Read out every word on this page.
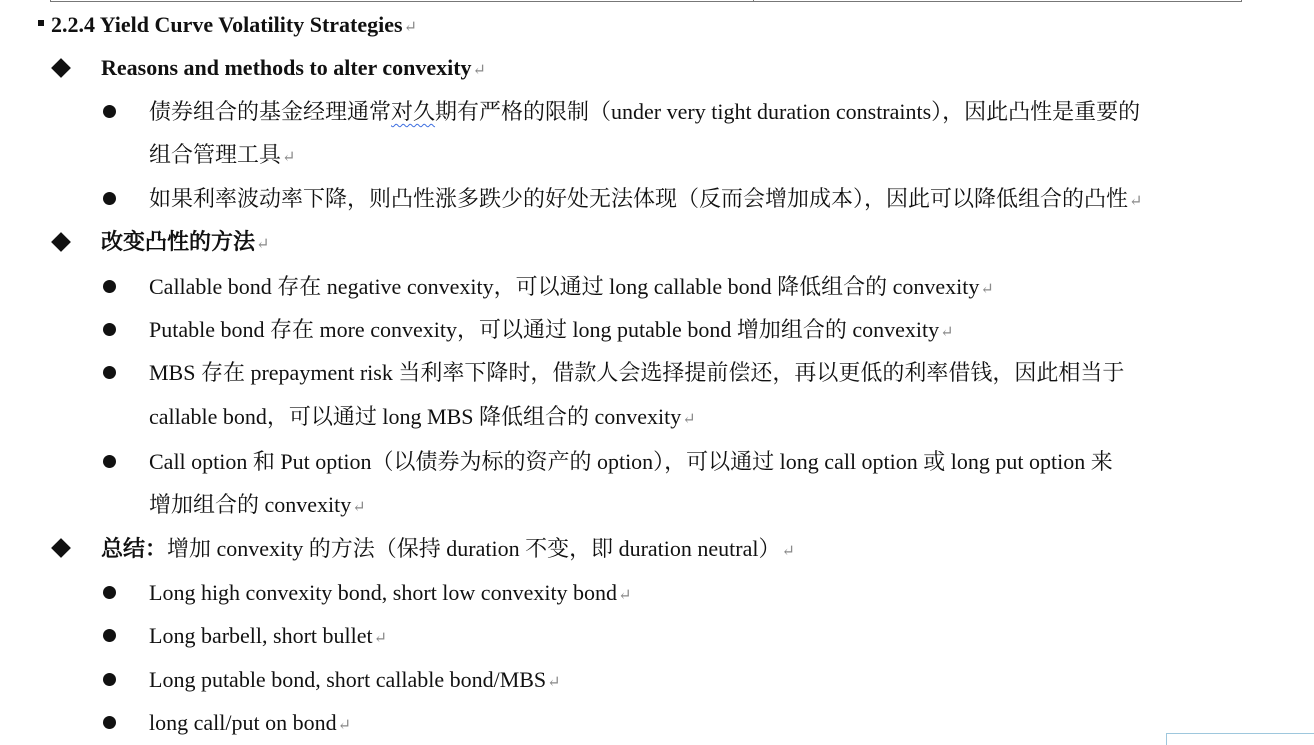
2.2.4 Yield Curve Volatility Strategies↵
Reasons and methods to alter convexity↵
债券组合的基金经理通常对久期有严格的限制（under very tight duration constraints），因此凸性是重要的
组合管理工具↵
如果利率波动率下降，则凸性涨多跌少的好处无法体现（反而会增加成本），因此可以降低组合的凸性↵
改变凸性的方法↵
Callable bond 存在 negative convexity，可以通过 long callable bond 降低组合的 convexity↵
Putable bond 存在 more convexity，可以通过 long putable bond 增加组合的 convexity↵
MBS 存在 prepayment risk 当利率下降时，借款人会选择提前偿还，再以更低的利率借钱，因此相当于
callable bond，可以通过 long MBS 降低组合的 convexity↵
Call option 和 Put option（以债券为标的资产的 option），可以通过 long call option 或 long put option 来
增加组合的 convexity↵
总结：增加 convexity 的方法（保持 duration 不变，即 duration neutral）↵
Long high convexity bond, short low convexity bond↵
Long barbell, short bullet↵
Long putable bond, short callable bond/MBS↵
long call/put on bond↵
